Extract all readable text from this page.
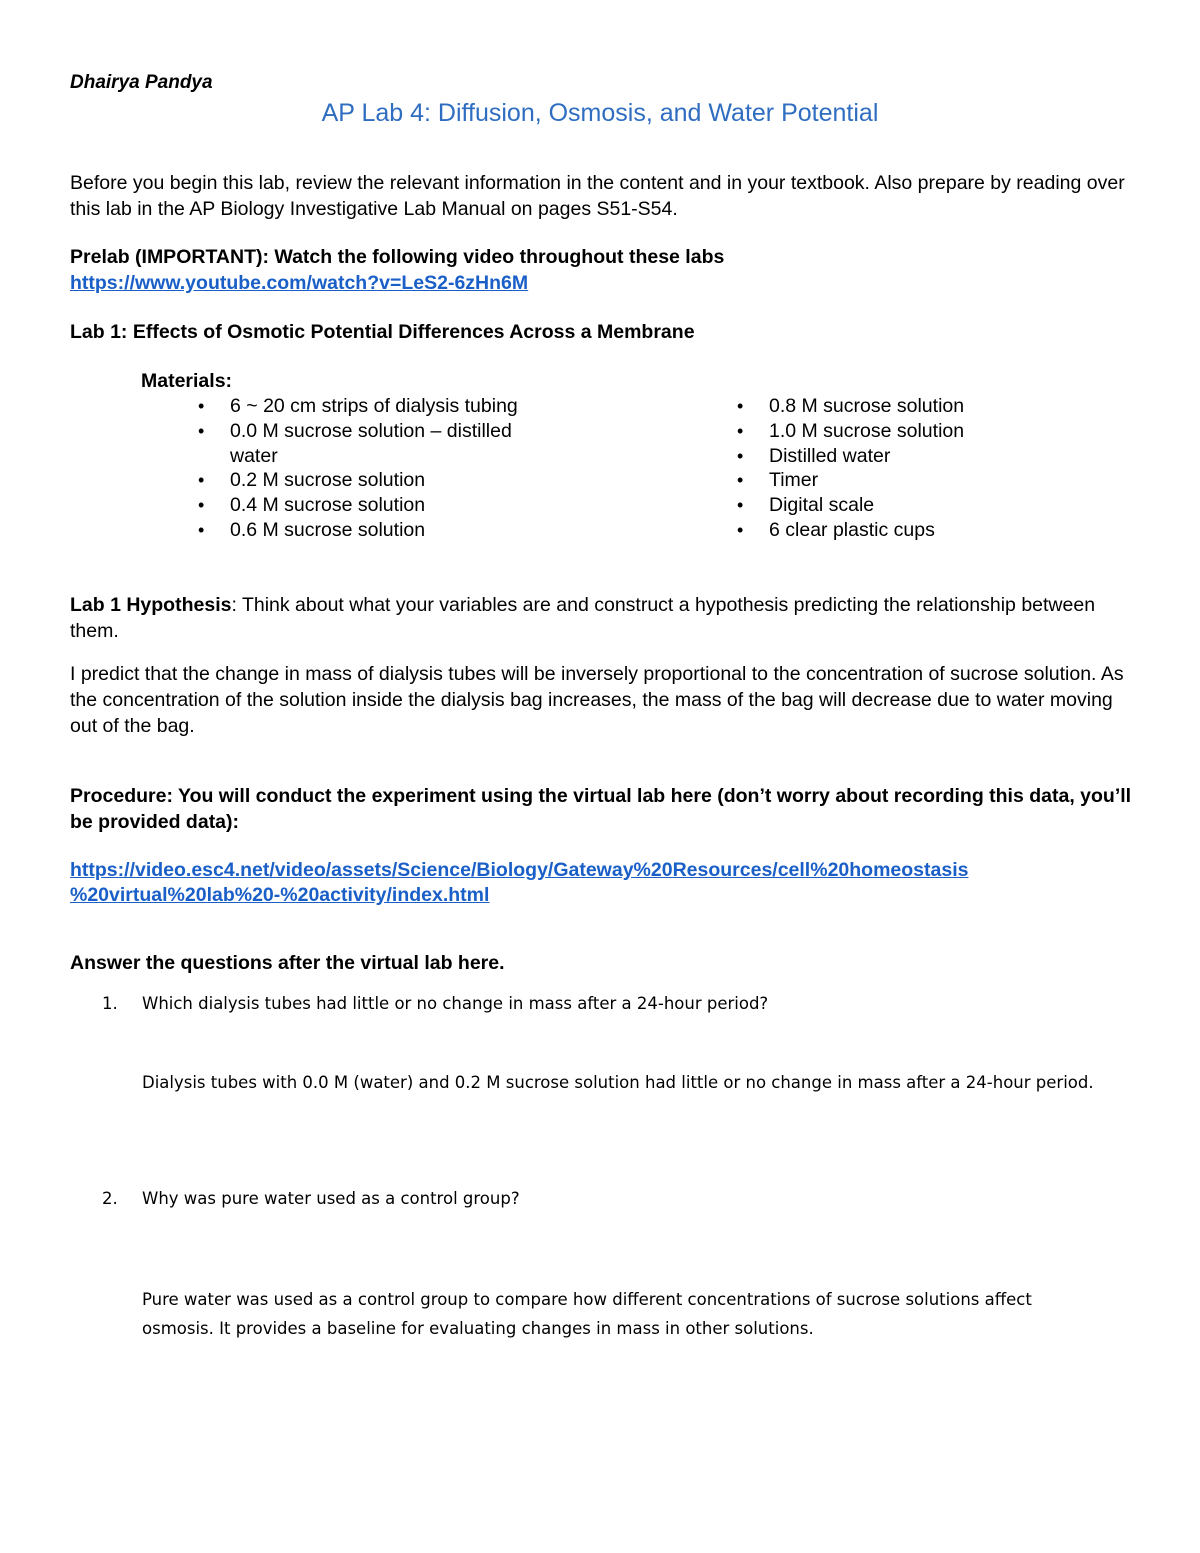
Dhairya Pandya
AP Lab 4: Diffusion, Osmosis, and Water Potential
Before you begin this lab, review the relevant information in the content and in your textbook. Also prepare by reading over this lab in the AP Biology Investigative Lab Manual on pages S51-S54.
Prelab (IMPORTANT): Watch the following video throughout these labs
https://www.youtube.com/watch?v=LeS2-6zHn6M
Lab 1: Effects of Osmotic Potential Differences Across a Membrane
Materials:
• 6 ~ 20 cm strips of dialysis tubing
• 0.0 M sucrose solution – distilled water
• 0.2 M sucrose solution
• 0.4 M sucrose solution
• 0.6 M sucrose solution
• 0.8 M sucrose solution
• 1.0 M sucrose solution
• Distilled water
• Timer
• Digital scale
• 6 clear plastic cups
Lab 1 Hypothesis: Think about what your variables are and construct a hypothesis predicting the relationship between them.
I predict that the change in mass of dialysis tubes will be inversely proportional to the concentration of sucrose solution. As the concentration of the solution inside the dialysis bag increases, the mass of the bag will decrease due to water moving out of the bag.
Procedure: You will conduct the experiment using the virtual lab here (don’t worry about recording this data, you’ll be provided data):
https://video.esc4.net/video/assets/Science/Biology/Gateway%20Resources/cell%20homeostasis
%20virtual%20lab%20-%20activity/index.html
Answer the questions after the virtual lab here.
1. Which dialysis tubes had little or no change in mass after a 24-hour period?
Dialysis tubes with 0.0 M (water) and 0.2 M sucrose solution had little or no change in mass after a 24-hour period.
2. Why was pure water used as a control group?
Pure water was used as a control group to compare how different concentrations of sucrose solutions affect osmosis. It provides a baseline for evaluating changes in mass in other solutions.
